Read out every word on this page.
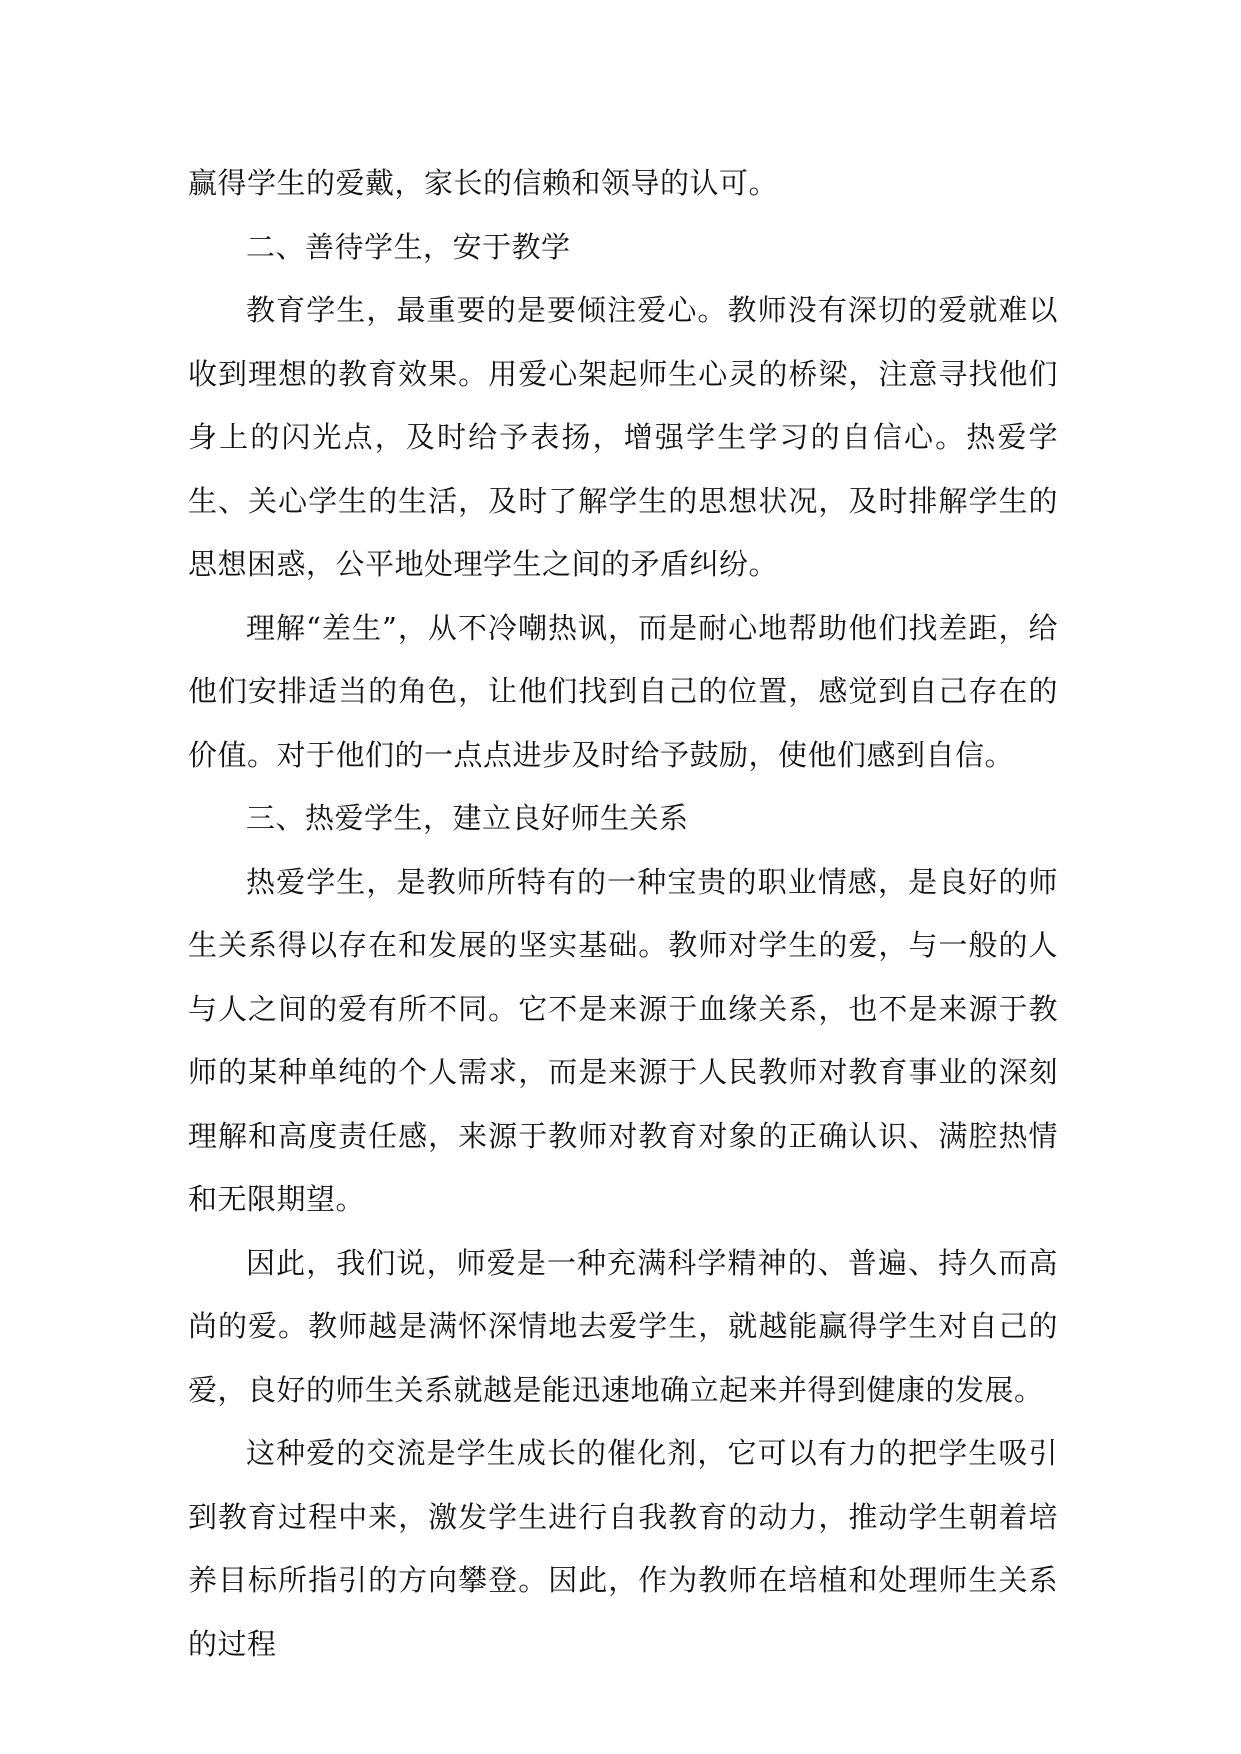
赢得学生的爱戴，家长的信赖和领导的认可。

二、善待学生，安于教学

教育学生，最重要的是要倾注爱心。教师没有深切的爱就难以收到理想的教育效果。用爱心架起师生心灵的桥梁，注意寻找他们身上的闪光点，及时给予表扬，增强学生学习的自信心。热爱学生、关心学生的生活，及时了解学生的思想状况，及时排解学生的思想困惑，公平地处理学生之间的矛盾纠纷。

理解“差生”，从不冷嘲热讽，而是耐心地帮助他们找差距，给他们安排适当的角色，让他们找到自己的位置，感觉到自己存在的价值。对于他们的一点点进步及时给予鼓励，使他们感到自信。

三、热爱学生，建立良好师生关系

热爱学生，是教师所特有的一种宝贵的职业情感，是良好的师生关系得以存在和发展的坚实基础。教师对学生的爱，与一般的人与人之间的爱有所不同。它不是来源于血缘关系，也不是来源于教师的某种单纯的个人需求，而是来源于人民教师对教育事业的深刻理解和高度责任感，来源于教师对教育对象的正确认识、满腔热情和无限期望。

因此，我们说，师爱是一种充满科学精神的、普遍、持久而高尚的爱。教师越是满怀深情地去爱学生，就越能赢得学生对自己的爱，良好的师生关系就越是能迅速地确立起来并得到健康的发展。

这种爱的交流是学生成长的催化剂，它可以有力的把学生吸引到教育过程中来，激发学生进行自我教育的动力，推动学生朝着培养目标所指引的方向攀登。因此，作为教师在培植和处理师生关系的过程
